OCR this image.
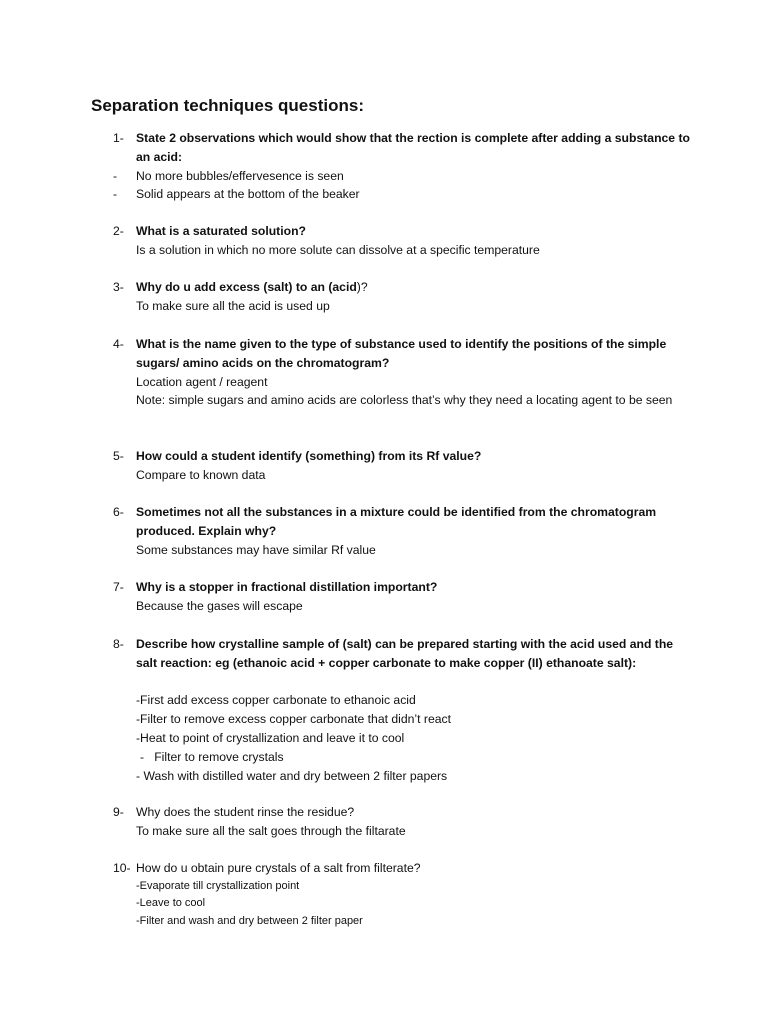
Separation techniques questions:
1- State 2 observations which would show that the rection is complete after adding a substance to an acid:
-	No more bubbles/effervesence is seen
-	Solid appears at the bottom of the beaker
2- What is a saturated solution?
Is a solution in which no more solute can dissolve at a specific temperature
3- Why do u add excess (salt) to an (acid)?
To make sure all the acid is used up
4- What is the name given to the type of substance used to identify the positions of the simple sugars/ amino acids on the chromatogram?
Location agent / reagent
Note: simple sugars and amino acids are colorless that’s why they need a locating agent to be seen
5- How could a student identify (something) from its Rf value?
Compare to known data
6- Sometimes not all the substances in a mixture could be identified from the chromatogram produced. Explain why?
Some substances may have similar Rf value
7- Why is a stopper in fractional distillation important?
Because the gases will escape
8- Describe how crystalline sample of (salt) can be prepared starting with the acid used and the salt reaction: eg (ethanoic acid + copper carbonate to make copper (II) ethanoate salt):
-First add excess copper carbonate to ethanoic acid
-Filter to remove excess copper carbonate that didn’t react
-Heat to point of crystallization and leave it to cool
-   Filter to remove crystals
- Wash with distilled water and dry between 2 filter papers
9- Why does the student rinse the residue?
To make sure all the salt goes through the filtarate
10- How do u obtain pure crystals of a salt from filterate?
-Evaporate till crystallization point
-Leave to cool
-Filter and wash and dry between 2 filter paper
